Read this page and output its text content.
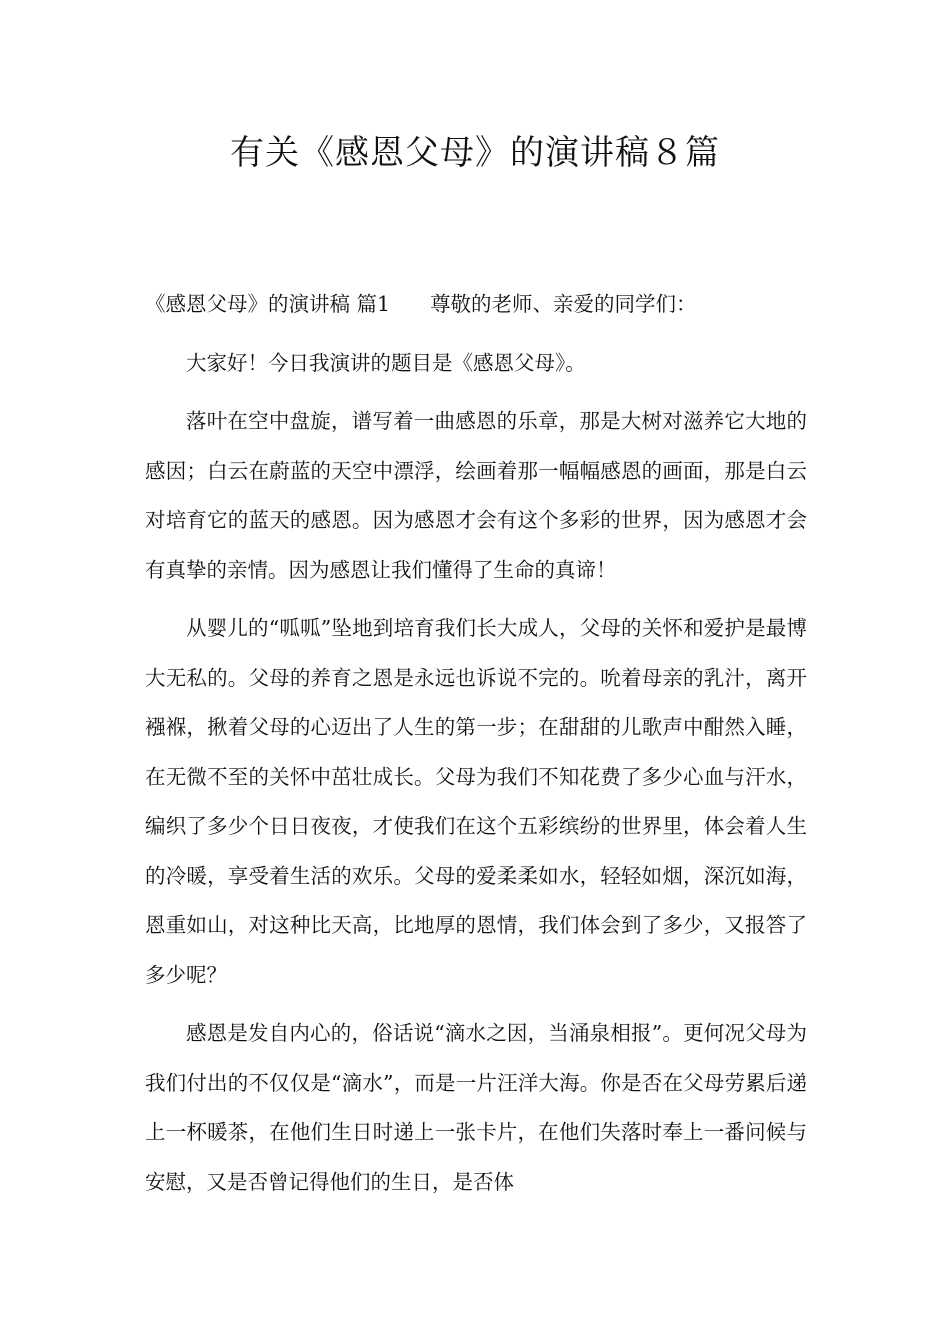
有关《感恩父母》的演讲稿８篇

《感恩父母》的演讲稿 篇1 尊敬的老师、亲爱的同学们：

大家好！今日我演讲的题目是《感恩父母》。

落叶在空中盘旋，谱写着一曲感恩的乐章，那是大树对滋养它大地的感因；白云在蔚蓝的天空中漂浮，绘画着那一幅幅感恩的画面，那是白云对培育它的蓝天的感恩。因为感恩才会有这个多彩的世界，因为感恩才会有真挚的亲情。因为感恩让我们懂得了生命的真谛！

从婴儿的“呱呱”坠地到培育我们长大成人，父母的关怀和爱护是最博大无私的。父母的养育之恩是永远也诉说不完的。吮着母亲的乳汁，离开襁褓，揪着父母的心迈出了人生的第一步；在甜甜的儿歌声中酣然入睡，在无微不至的关怀中茁壮成长。父母为我们不知花费了多少心血与汗水，编织了多少个日日夜夜，才使我们在这个五彩缤纷的世界里，体会着人生的冷暖，享受着生活的欢乐。父母的爱柔柔如水，轻轻如烟，深沉如海，恩重如山，对这种比天高，比地厚的恩情，我们体会到了多少，又报答了多少呢？

感恩是发自内心的，俗话说“滴水之因，当涌泉相报”。更何况父母为我们付出的不仅仅是“滴水”，而是一片汪洋大海。你是否在父母劳累后递上一杯暖茶，在他们生日时递上一张卡片，在他们失落时奉上一番问候与安慰，又是否曾记得他们的生日，是否体
